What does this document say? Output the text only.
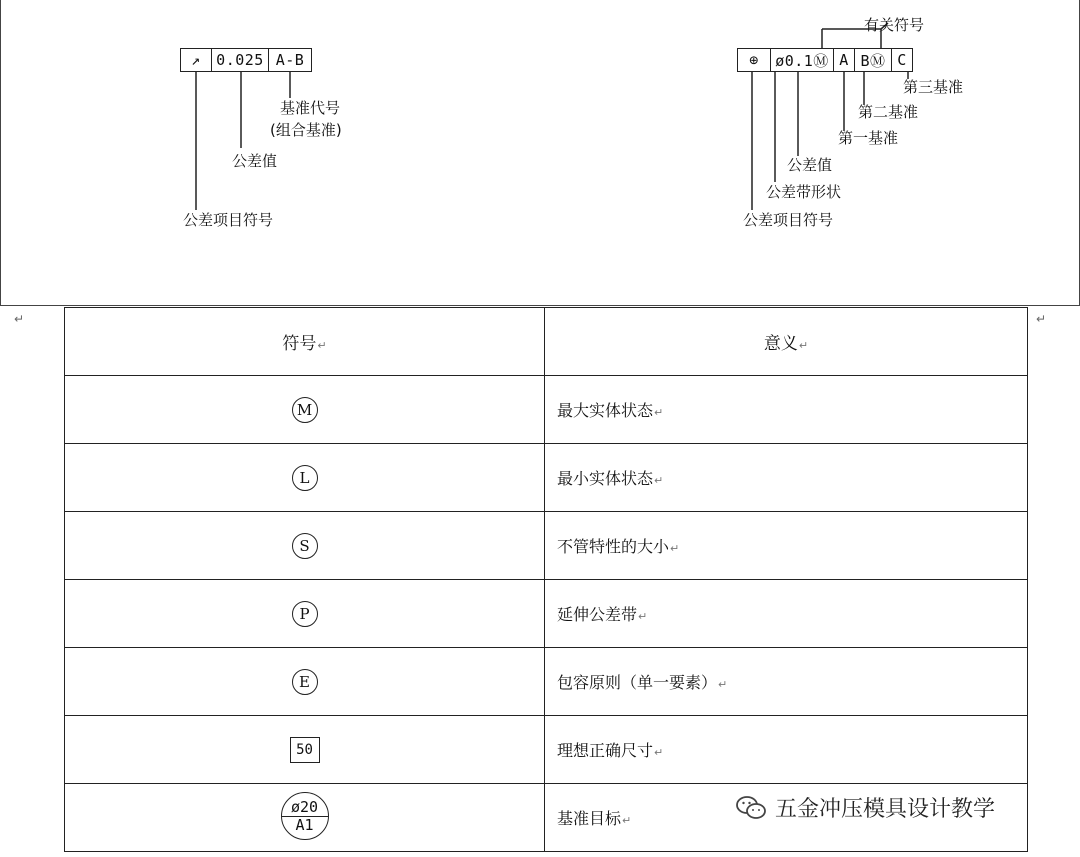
↗	0.025 A-B
基准代号
(组合基准)
公差值
公差项目符号
⊕	ø0.1Ⓜ A BⓂ C
有关符号
第三基准
第二基准
第一基准
公差值
公差带形状
公差项目符号
↵	↵
符号↵	意义↵
M	最大实体状态↵
L	最小实体状态↵
S	不管特性的大小↵
P	延伸公差带↵
E	包容原则（单一要素）↵
50	理想正确尺寸↵

$\frac{ø20}{A1}$	基准目标↵	五金冲压模具设计教学
